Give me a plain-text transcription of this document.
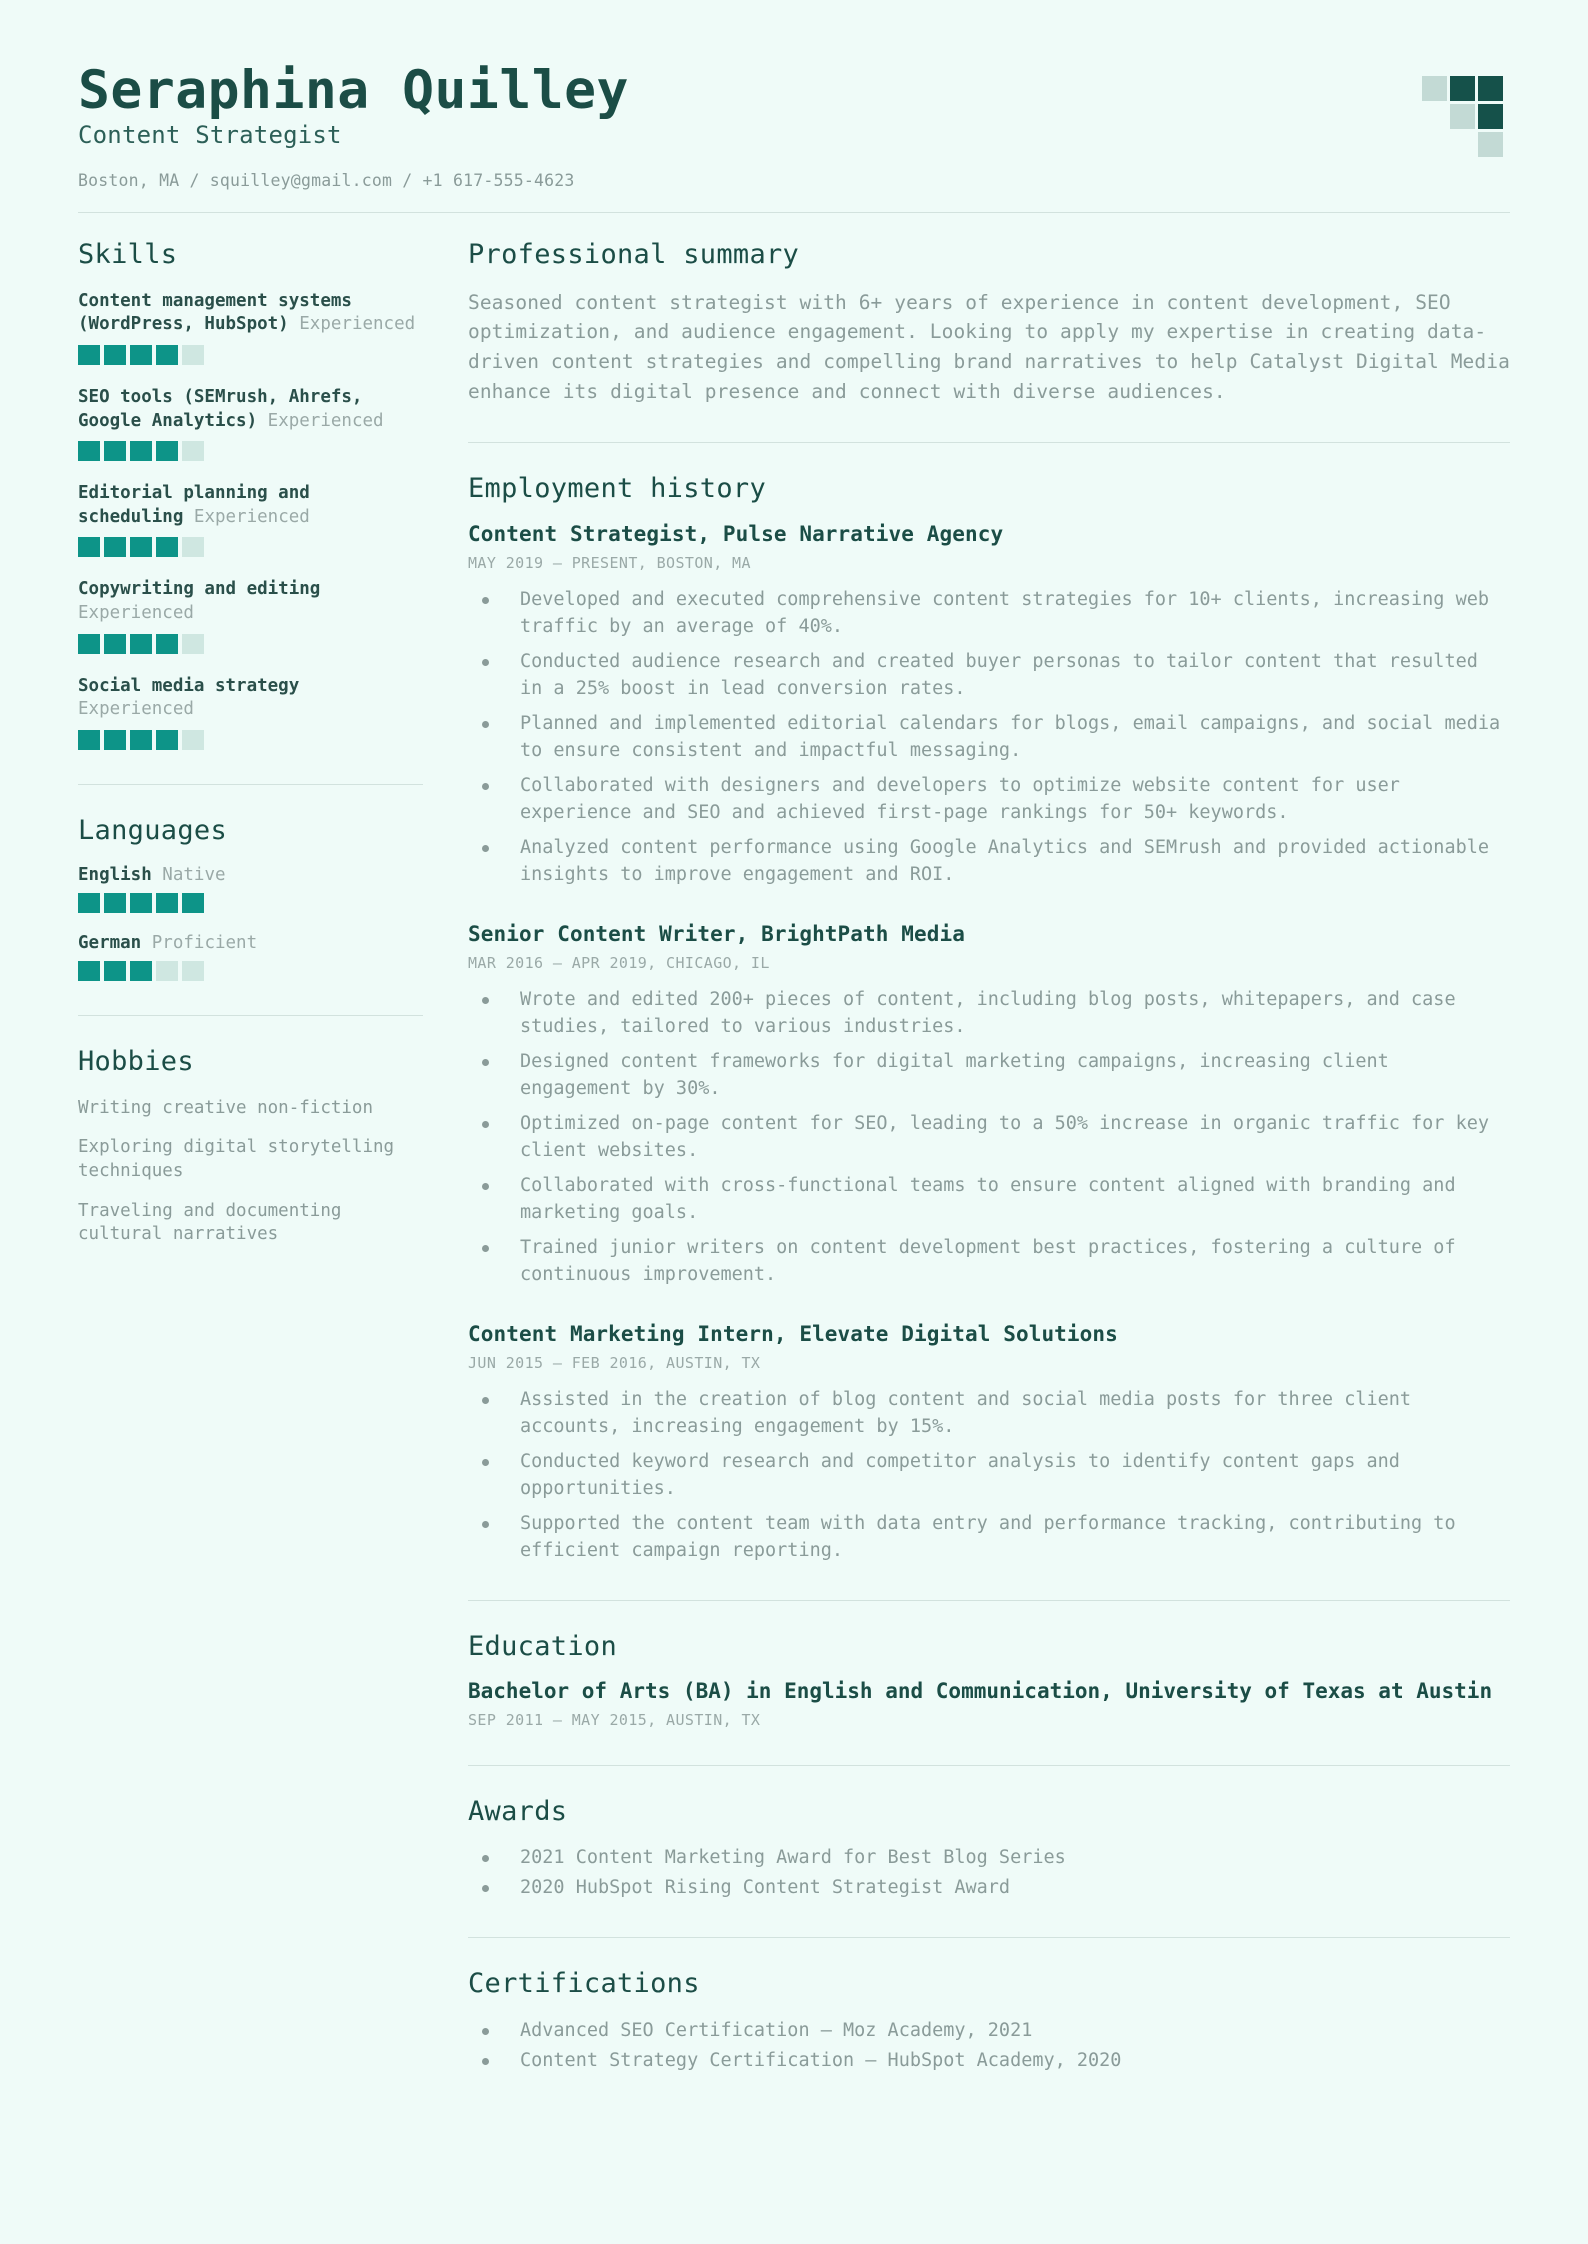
Seraphina Quilley
Content Strategist
Boston, MA / squilley@gmail.com / +1 617-555-4623
Skills
Content management systems (WordPress, HubSpot) Experienced
SEO tools (SEMrush, Ahrefs, Google Analytics) Experienced
Editorial planning and scheduling Experienced
Copywriting and editing Experienced
Social media strategy Experienced
Languages
English Native
German Proficient
Hobbies
Writing creative non-fiction
Exploring digital storytelling techniques
Traveling and documenting cultural narratives
Professional summary

Seasoned content strategist with 6+ years of experience in content development, SEO optimization, and audience engagement. Looking to apply my expertise in creating data-driven content strategies and compelling brand narratives to help Catalyst Digital Media enhance its digital presence and connect with diverse audiences.

Employment history
Content Strategist, Pulse Narrative Agency
MAY 2019 – PRESENT, BOSTON, MA
Developed and executed comprehensive content strategies for 10+ clients, increasing web traffic by an average of 40%.
Conducted audience research and created buyer personas to tailor content that resulted in a 25% boost in lead conversion rates.
Planned and implemented editorial calendars for blogs, email campaigns, and social media to ensure consistent and impactful messaging.
Collaborated with designers and developers to optimize website content for user experience and SEO and achieved first-page rankings for 50+ keywords.
Analyzed content performance using Google Analytics and SEMrush and provided actionable insights to improve engagement and ROI.
Senior Content Writer, BrightPath Media
MAR 2016 – APR 2019, CHICAGO, IL
Wrote and edited 200+ pieces of content, including blog posts, whitepapers, and case studies, tailored to various industries.
Designed content frameworks for digital marketing campaigns, increasing client engagement by 30%.
Optimized on-page content for SEO, leading to a 50% increase in organic traffic for key client websites.
Collaborated with cross-functional teams to ensure content aligned with branding and marketing goals.
Trained junior writers on content development best practices, fostering a culture of continuous improvement.
Content Marketing Intern, Elevate Digital Solutions
JUN 2015 – FEB 2016, AUSTIN, TX
Assisted in the creation of blog content and social media posts for three client accounts, increasing engagement by 15%.
Conducted keyword research and competitor analysis to identify content gaps and opportunities.
Supported the content team with data entry and performance tracking, contributing to efficient campaign reporting.
Education
Bachelor of Arts (BA) in English and Communication, University of Texas at Austin
SEP 2011 – MAY 2015, AUSTIN, TX
Awards
2021 Content Marketing Award for Best Blog Series
2020 HubSpot Rising Content Strategist Award
Certifications
Advanced SEO Certification – Moz Academy, 2021
Content Strategy Certification – HubSpot Academy, 2020
